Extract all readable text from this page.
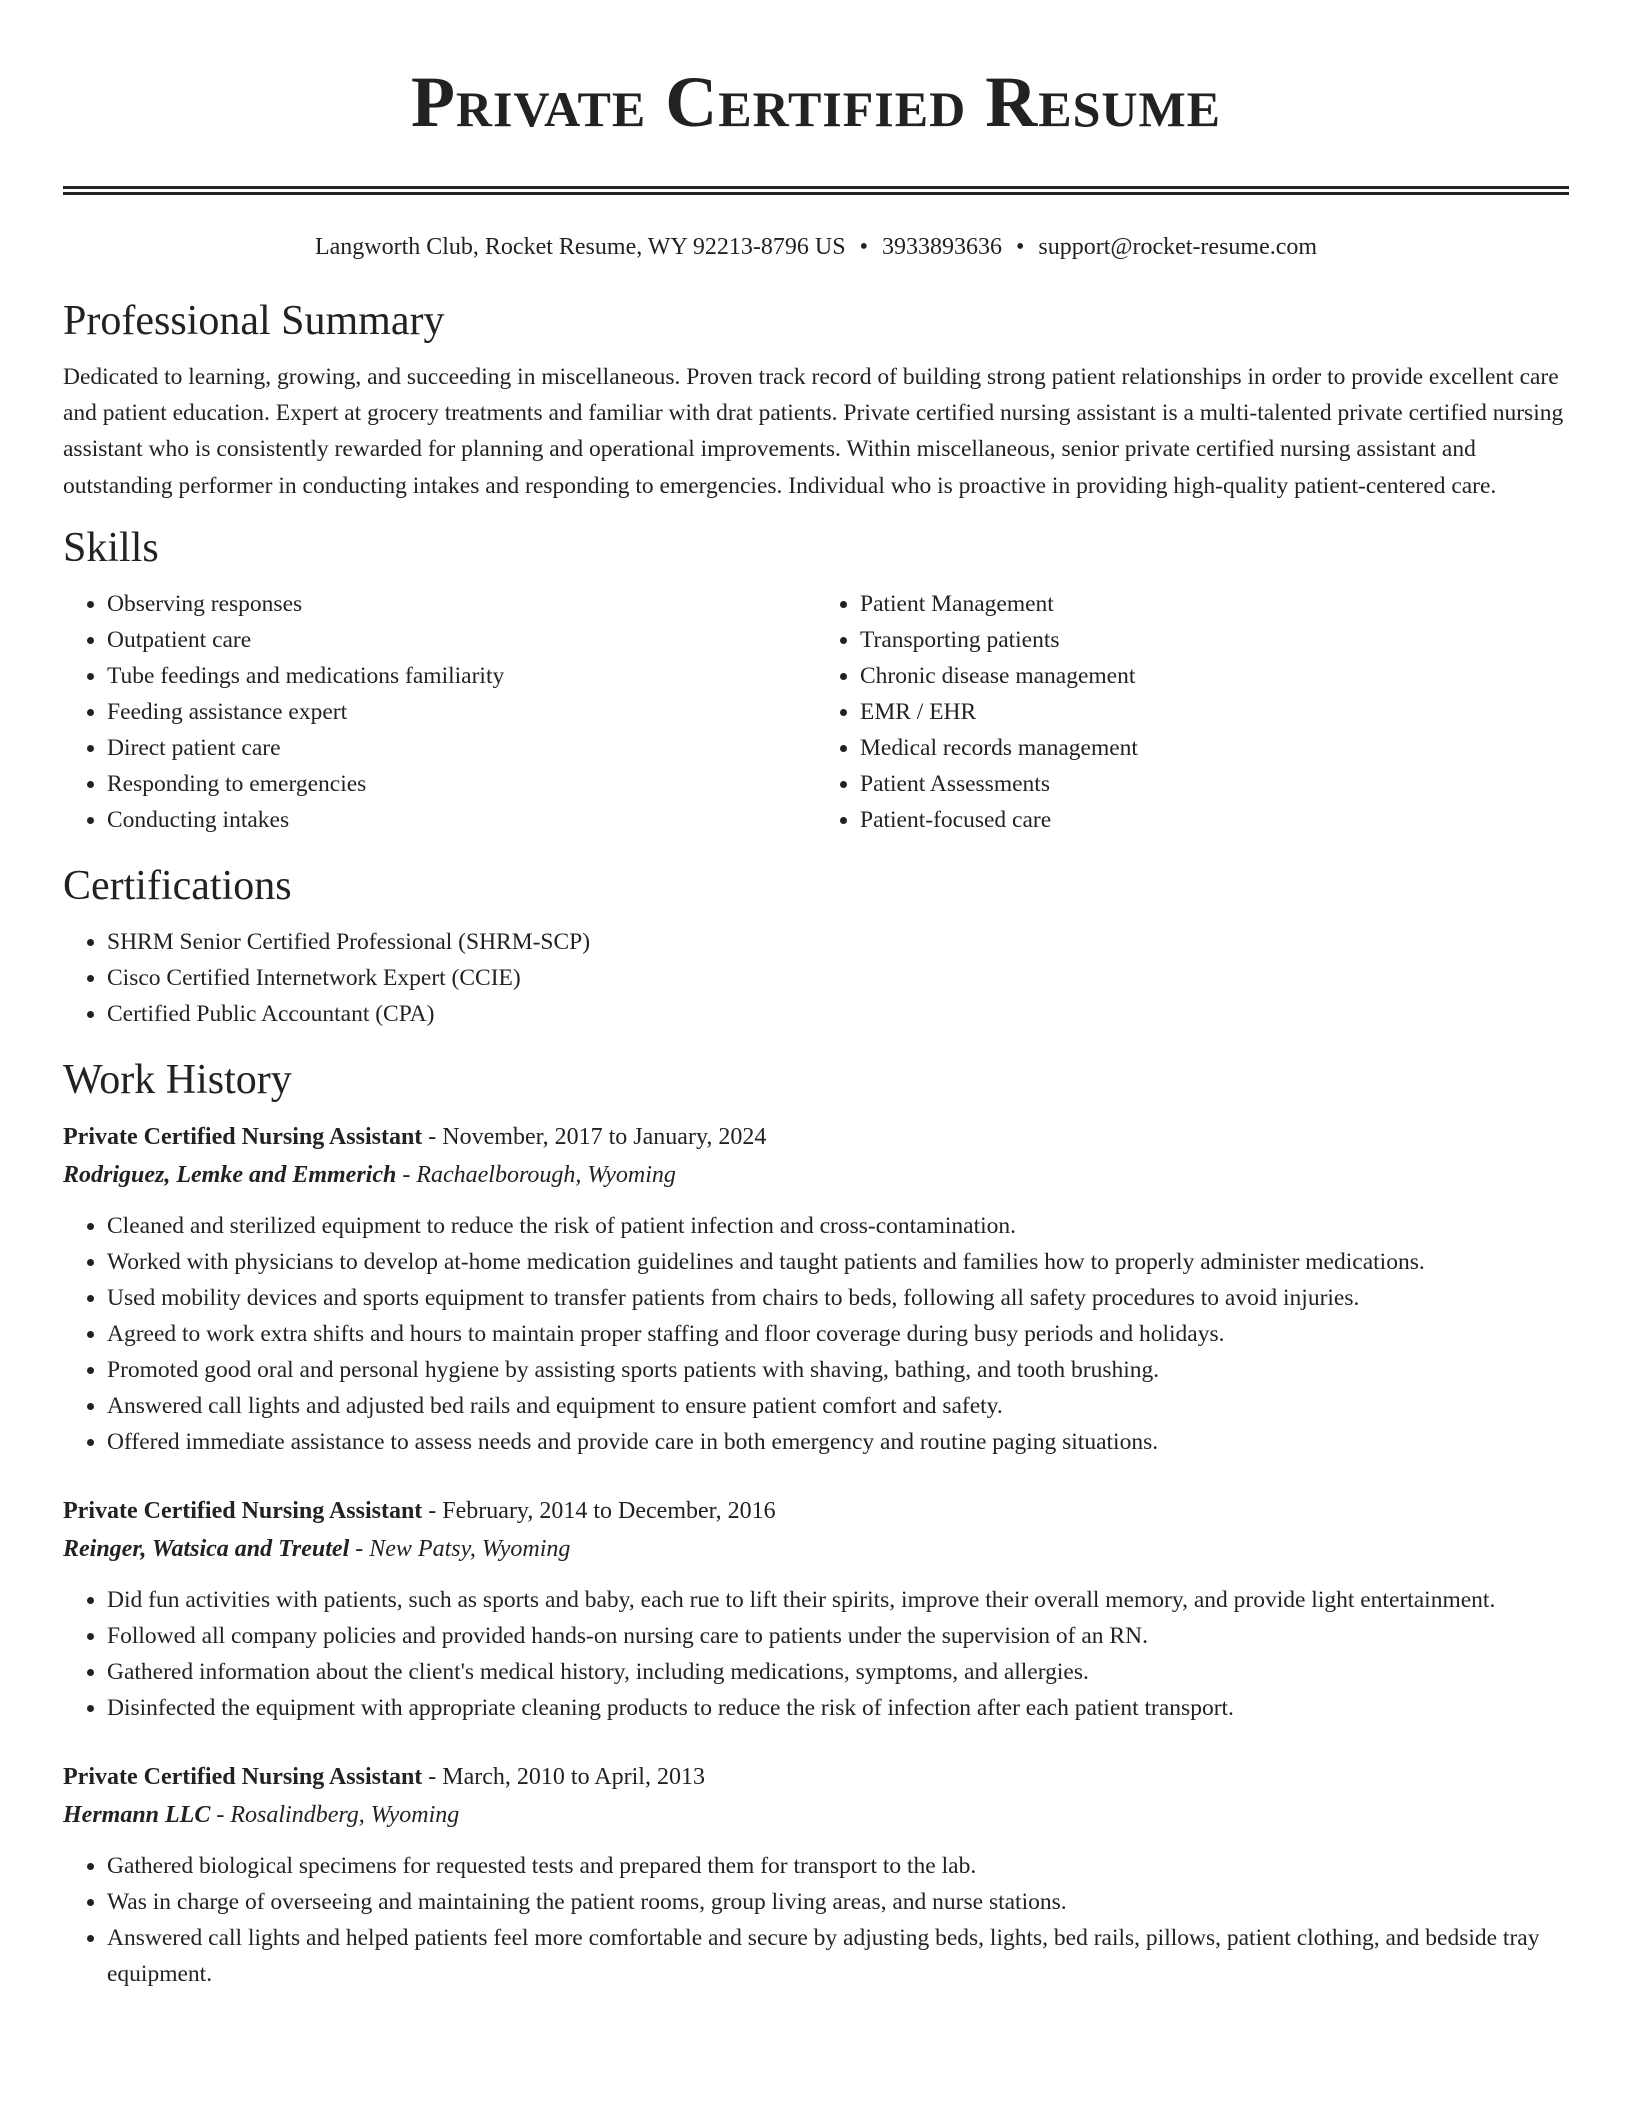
Private Certified Resume
Langworth Club, Rocket Resume, WY 92213-8796 US • 3933893636 • support@rocket-resume.com
Professional Summary

Dedicated to learning, growing, and succeeding in miscellaneous. Proven track record of building strong patient relationships in order to provide excellent care and patient education. Expert at grocery treatments and familiar with drat patients. Private certified nursing assistant is a multi-talented private certified nursing assistant who is consistently rewarded for planning and operational improvements. Within miscellaneous, senior private certified nursing assistant and outstanding performer in conducting intakes and responding to emergencies. Individual who is proactive in providing high-quality patient-centered care.

Skills
• Observing responses
• Outpatient care
• Tube feedings and medications familiarity
• Feeding assistance expert
• Direct patient care
• Responding to emergencies
• Conducting intakes
• Patient Management
• Transporting patients
• Chronic disease management
• EMR / EHR
• Medical records management
• Patient Assessments
• Patient-focused care
Certifications
• SHRM Senior Certified Professional (SHRM-SCP)
• Cisco Certified Internetwork Expert (CCIE)
• Certified Public Accountant (CPA)
Work History
Private Certified Nursing Assistant - November, 2017 to January, 2024
Rodriguez, Lemke and Emmerich - Rachaelborough, Wyoming
• Cleaned and sterilized equipment to reduce the risk of patient infection and cross-contamination.
• Worked with physicians to develop at-home medication guidelines and taught patients and families how to properly administer medications.
• Used mobility devices and sports equipment to transfer patients from chairs to beds, following all safety procedures to avoid injuries.
• Agreed to work extra shifts and hours to maintain proper staffing and floor coverage during busy periods and holidays.
• Promoted good oral and personal hygiene by assisting sports patients with shaving, bathing, and tooth brushing.
• Answered call lights and adjusted bed rails and equipment to ensure patient comfort and safety.
• Offered immediate assistance to assess needs and provide care in both emergency and routine paging situations.
Private Certified Nursing Assistant - February, 2014 to December, 2016
Reinger, Watsica and Treutel - New Patsy, Wyoming
• Did fun activities with patients, such as sports and baby, each rue to lift their spirits, improve their overall memory, and provide light entertainment.
• Followed all company policies and provided hands-on nursing care to patients under the supervision of an RN.
• Gathered information about the client's medical history, including medications, symptoms, and allergies.
• Disinfected the equipment with appropriate cleaning products to reduce the risk of infection after each patient transport.
Private Certified Nursing Assistant - March, 2010 to April, 2013
Hermann LLC - Rosalindberg, Wyoming
• Gathered biological specimens for requested tests and prepared them for transport to the lab.
• Was in charge of overseeing and maintaining the patient rooms, group living areas, and nurse stations.
• Answered call lights and helped patients feel more comfortable and secure by adjusting beds, lights, bed rails, pillows, patient clothing, and bedside tray equipment.
